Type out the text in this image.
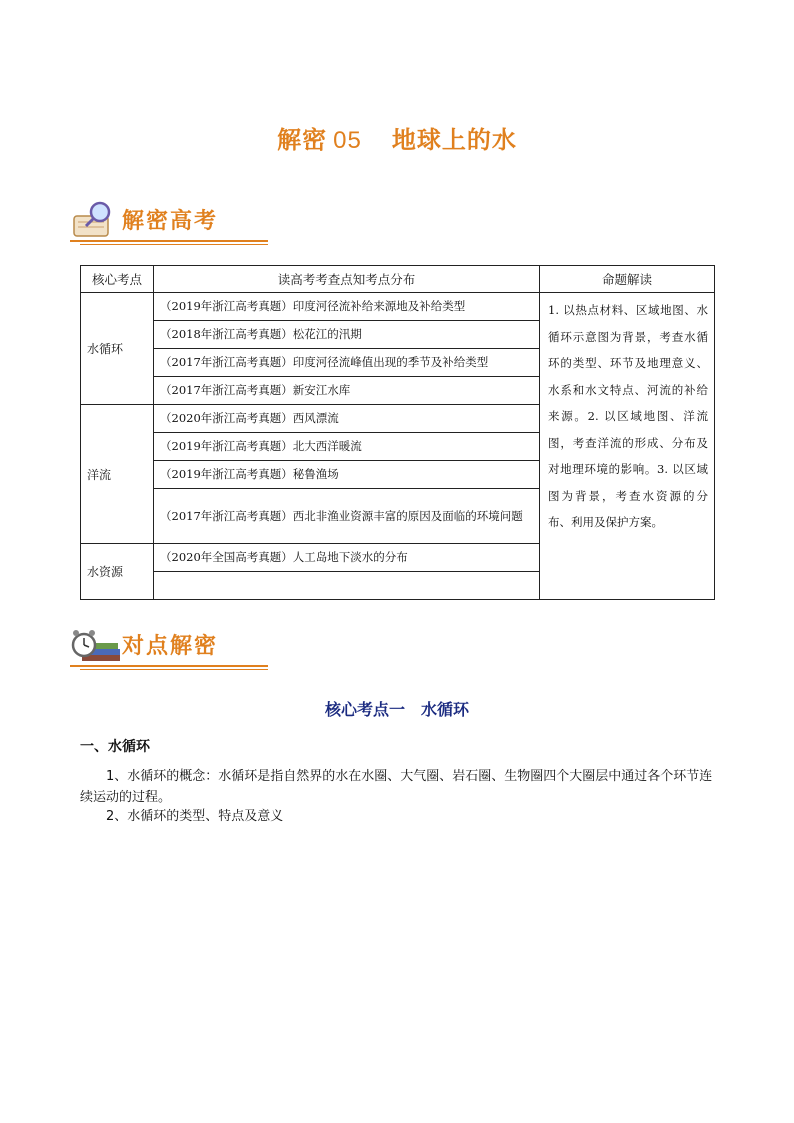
解密 05 地球上的水
解密高考
核心考点	读高考考查点知考点分布	命题解读
水循环	（2019年浙江高考真题）印度河径流补给来源地及补给类型	1. 以热点材料、区域地图、水循环示意图为背景，考查水循环的类型、环节及地理意义、水系和水文特点、河流的补给来源。2. 以区域地图、洋流图，考查洋流的形成、分布及对地理环境的影响。3. 以区域图为背景，考查水资源的分布、利用及保护方案。
	（2018年浙江高考真题）松花江的汛期	
	（2017年浙江高考真题）印度河径流峰值出现的季节及补给类型	
	（2017年浙江高考真题）新安江水库	
洋流	（2020年浙江高考真题）西风漂流	
	（2019年浙江高考真题）北大西洋暖流	
	（2019年浙江高考真题）秘鲁渔场	
	（2017年浙江高考真题）西北非渔业资源丰富的原因及面临的环境问题	
水资源	（2020年全国高考真题）人工岛地下淡水的分布	

对点解密
核心考点一　水循环
一、水循环
1、水循环的概念：水循环是指自然界的水在水圈、大气圈、岩石圈、生物圈四个大圈层中通过各个环节连续运动的过程。
2、水循环的类型、特点及意义
